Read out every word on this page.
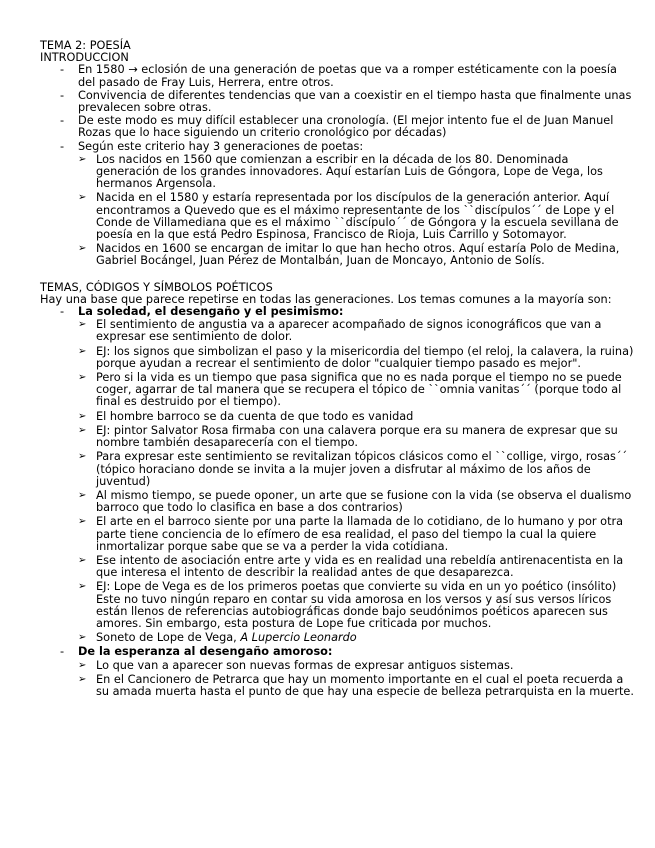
TEMA 2: POESÍA
INTRODUCCION
- En 1580 → eclosión de una generación de poetas que va a romper estéticamente con la poesía del pasado de Fray Luis, Herrera, entre otros.
- Convivencia de diferentes tendencias que van a coexistir en el tiempo hasta que finalmente unas prevalecen sobre otras.
- De este modo es muy difícil establecer una cronología. (El mejor intento fue el de Juan Manuel Rozas que lo hace siguiendo un criterio cronológico por décadas)
- Según este criterio hay 3 generaciones de poetas:
➢ Los nacidos en 1560 que comienzan a escribir en la década de los 80. Denominada generación de los grandes innovadores. Aquí estarían Luis de Góngora, Lope de Vega, los hermanos Argensola.
➢ Nacida en el 1580 y estaría representada por los discípulos de la generación anterior. Aquí encontramos a Quevedo que es el máximo representante de los ``discípulos´´ de Lope y el Conde de Villamediana que es el máximo ``discípulo´´ de Góngora y la escuela sevillana de poesía en la que está Pedro Espinosa, Francisco de Rioja, Luis Carrillo y Sotomayor.
➢ Nacidos en 1600 se encargan de imitar lo que han hecho otros. Aquí estaría Polo de Medina, Gabriel Bocángel, Juan Pérez de Montalbán, Juan de Moncayo, Antonio de Solís.
TEMAS, CÓDIGOS Y SÍMBOLOS POÉTICOS
Hay una base que parece repetirse en todas las generaciones. Los temas comunes a la mayoría son:
- La soledad, el desengaño y el pesimismo:
➢ El sentimiento de angustia va a aparecer acompañado de signos iconográficos que van a expresar ese sentimiento de dolor.
➢ EJ: los signos que simbolizan el paso y la misericordia del tiempo (el reloj, la calavera, la ruina) porque ayudan a recrear el sentimiento de dolor "cualquier tiempo pasado es mejor".
➢ Pero si la vida es un tiempo que pasa significa que no es nada porque el tiempo no se puede coger, agarrar de tal manera que se recupera el tópico de ``omnia vanitas´´ (porque todo al final es destruido por el tiempo).
➢ El hombre barroco se da cuenta de que todo es vanidad
➢ EJ: pintor Salvator Rosa firmaba con una calavera porque era su manera de expresar que su nombre también desaparecería con el tiempo.
➢ Para expresar este sentimiento se revitalizan tópicos clásicos como el ``collige, virgo, rosas´´ (tópico horaciano donde se invita a la mujer joven a disfrutar al máximo de los años de juventud)
➢ Al mismo tiempo, se puede oponer, un arte que se fusione con la vida (se observa el dualismo barroco que todo lo clasifica en base a dos contrarios)
➢ El arte en el barroco siente por una parte la llamada de lo cotidiano, de lo humano y por otra parte tiene conciencia de lo efímero de esa realidad, el paso del tiempo la cual la quiere inmortalizar porque sabe que se va a perder la vida cotidiana.
➢ Ese intento de asociación entre arte y vida es en realidad una rebeldía antirenacentista en la que interesa el intento de describir la realidad antes de que desaparezca.
➢ EJ: Lope de Vega es de los primeros poetas que convierte su vida en un yo poético (insólito) Este no tuvo ningún reparo en contar su vida amorosa en los versos y así sus versos líricos están llenos de referencias autobiográficas donde bajo seudónimos poéticos aparecen sus amores. Sin embargo, esta postura de Lope fue criticada por muchos.
➢ Soneto de Lope de Vega, A Lupercio Leonardo
- De la esperanza al desengaño amoroso:
➢ Lo que van a aparecer son nuevas formas de expresar antiguos sistemas.
➢ En el Cancionero de Petrarca que hay un momento importante en el cual el poeta recuerda a su amada muerta hasta el punto de que hay una especie de belleza petrarquista en la muerte.
